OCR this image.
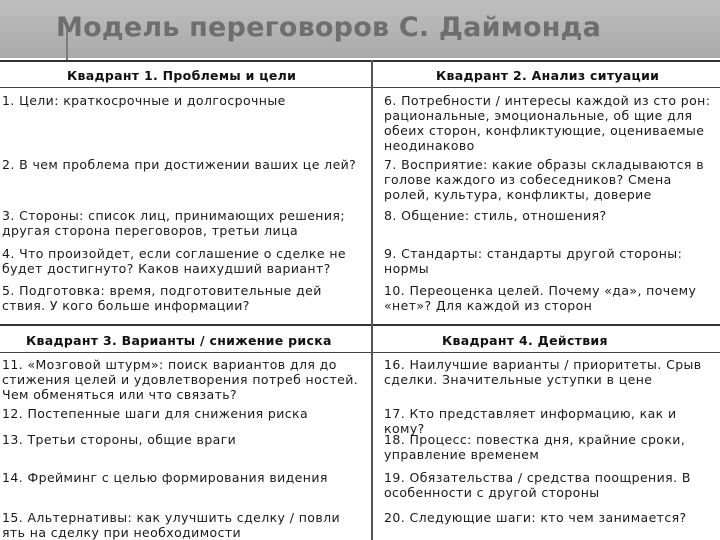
Модель переговоров С. Даймонда
Квадрант 1. Проблемы и цели
1. Цели: краткосрочные и долгосрочные
2. В чем проблема при достижении ваших це лей?
3. Стороны: список лиц, принимающих решения; другая сторона переговоров, третьи лица
4. Что произойдет, если соглашение о сделке не будет достигнуто? Каков наихудший вариант?
5. Подготовка: время, подготовительные дей ствия. У кого больше информации?
Квадрант 2. Анализ ситуации
6. Потребности / интересы каждой из сто рон: рациональные, эмоциональные, об щие для обеих сторон, конфликтующие, оцениваемые неодинаково
7. Восприятие: какие образы складываются в голове каждого из собеседников? Смена ролей, культура, конфликты, доверие
8. Общение: стиль, отношения?
9. Стандарты: стандарты другой стороны: нормы
10. Переоценка целей. Почему «да», почему «нет»? Для каждой из сторон
Квадрант 3. Варианты / снижение риска
11. «Мозговой штурм»: поиск вариантов для до стижения целей и удовлетворения потреб ностей. Чем обменяться или что связать?
12. Постепенные шаги для снижения риска
13. Третьи стороны, общие враги
14. Фрейминг с целью формирования видения
15. Альтернативы: как улучшить сделку / повли ять на сделку при необходимости
Квадрант 4. Действия
16. Наилучшие варианты / приоритеты. Срыв сделки. Значительные уступки в цене
17. Кто представляет информацию, как и кому?
18. Процесс: повестка дня, крайние сроки, управление временем
19. Обязательства / средства поощрения. В особенности с другой стороны
20. Следующие шаги: кто чем занимается?
